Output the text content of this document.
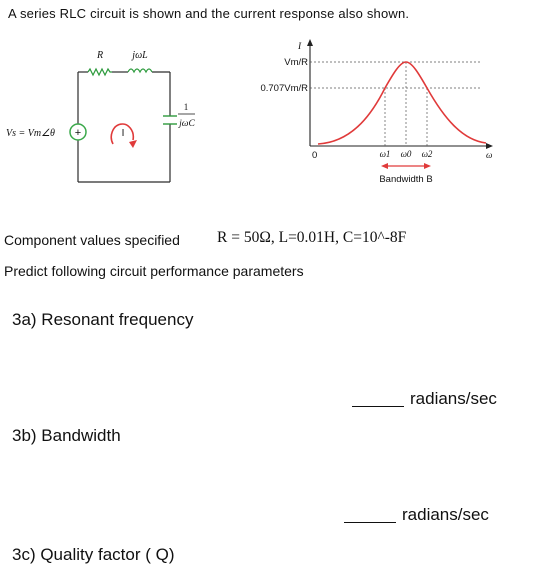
A series RLC circuit is shown and the current response also shown.
+	I
R	jωL
1
jωC
Vs = Vm∠θ
I
Vm/R
0.707Vm/R
0	ω1 ω0 ω2	ω
Bandwidth B
Component values specified R = 50Ω, L=0.01H, C=10^-8F
Predict following circuit performance parameters
3a) Resonant frequency
radians/sec
3b) Bandwidth
radians/sec
3c) Quality factor ( Q)
